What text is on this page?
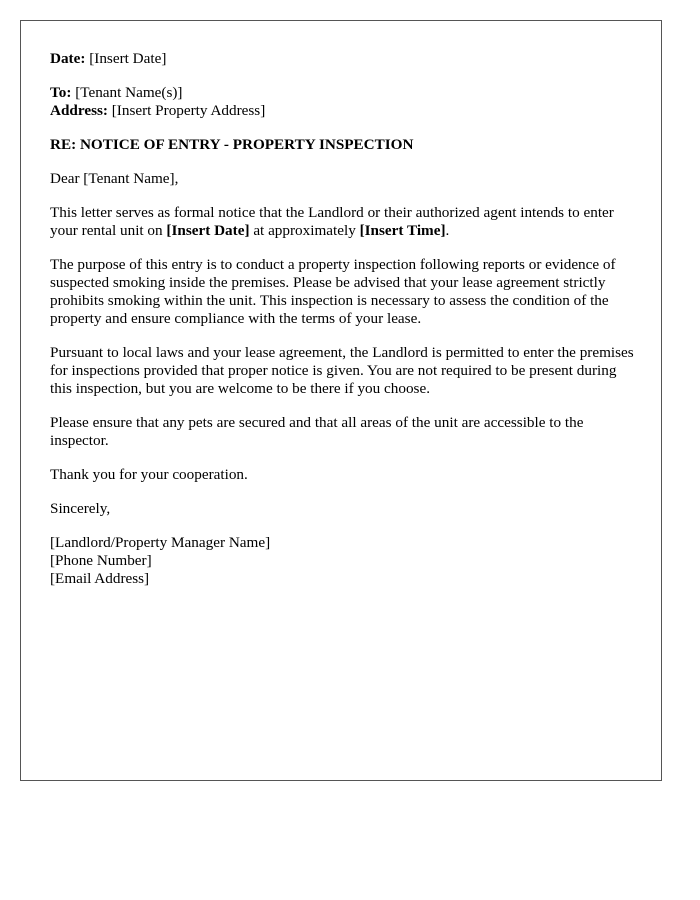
Date: [Insert Date]

To: [Tenant Name(s)]

Address: [Insert Property Address]

RE: NOTICE OF ENTRY - PROPERTY INSPECTION

Dear [Tenant Name],

This letter serves as formal notice that the Landlord or their authorized agent intends to enter your rental unit on [Insert Date] at approximately [Insert Time].

The purpose of this entry is to conduct a property inspection following reports or evidence of suspected smoking inside the premises. Please be advised that your lease agreement strictly prohibits smoking within the unit. This inspection is necessary to assess the condition of the property and ensure compliance with the terms of your lease.

Pursuant to local laws and your lease agreement, the Landlord is permitted to enter the premises for inspections provided that proper notice is given. You are not required to be present during this inspection, but you are welcome to be there if you choose.

Please ensure that any pets are secured and that all areas of the unit are accessible to the inspector.

Thank you for your cooperation.

Sincerely,

[Landlord/Property Manager Name]

[Phone Number]

[Email Address]
